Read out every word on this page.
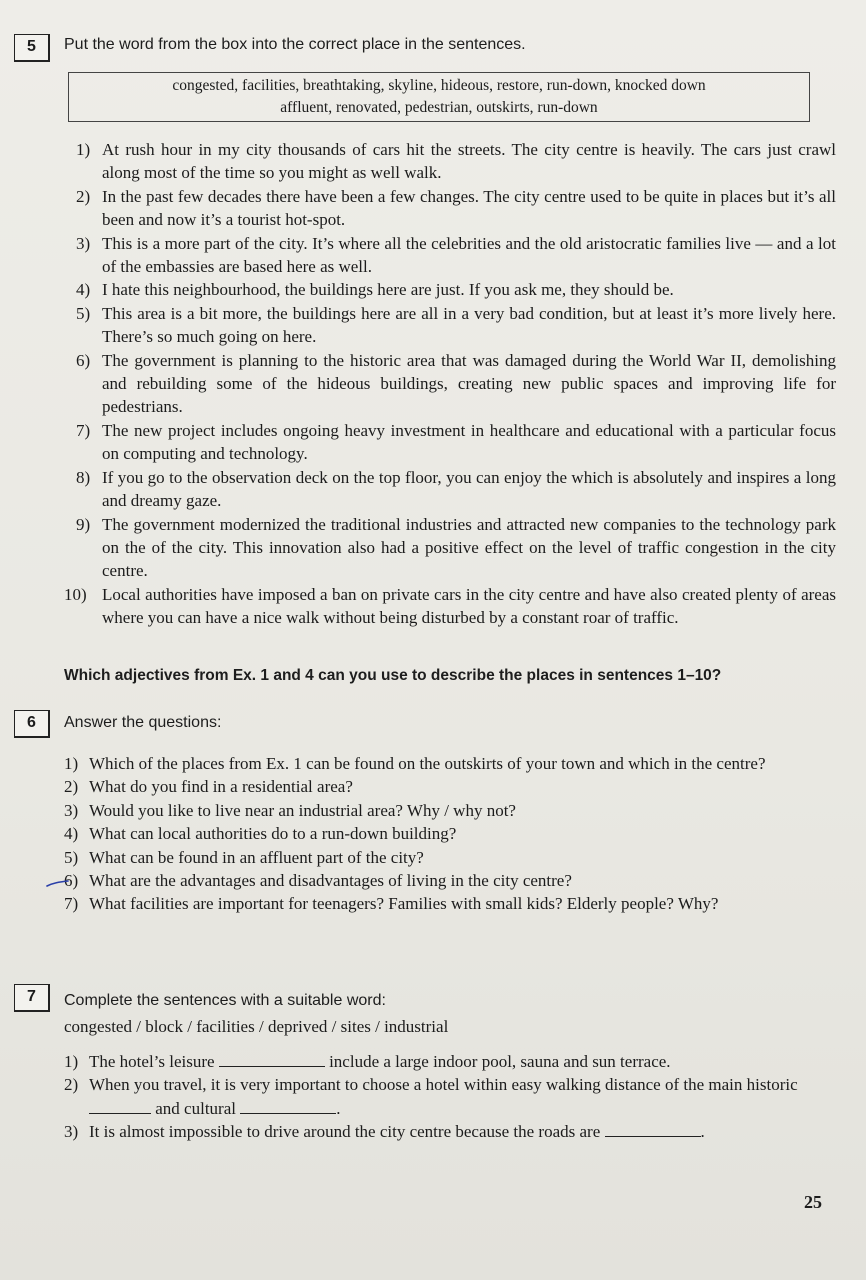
5	Put the word from the box into the correct place in the sentences.
congested, facilities, breathtaking, skyline, hideous, restore, run-down, knocked down
affluent, renovated, pedestrian, outskirts, run-down
1) At rush hour in my city thousands of cars hit the streets. The city centre is heavily. The cars just crawl along most of the time so you might as well walk.
2) In the past few decades there have been a few changes. The city centre used to be quite in places but it’s all been and now it’s a tourist hot-spot.
3) This is a more part of the city. It’s where all the celebrities and the old aristocratic families live — and a lot of the embassies are based here as well.
4) I hate this neighbourhood, the buildings here are just. If you ask me, they should be.
5) This area is a bit more, the buildings here are all in a very bad condition, but at least it’s more lively here. There’s so much going on here.
6) The government is planning to the historic area that was damaged during the World War II, demolishing and rebuilding some of the hideous buildings, creating new public spaces and improving life for pedestrians.
7) The new project includes ongoing heavy investment in healthcare and educational with a particular focus on computing and technology.
8) If you go to the observation deck on the top floor, you can enjoy the which is absolutely and inspires a long and dreamy gaze.
9) The government modernized the traditional industries and attracted new companies to the technology park on the of the city. This innovation also had a positive effect on the level of traffic congestion in the city centre.
10) Local authorities have imposed a ban on private cars in the city centre and have also created plenty of areas where you can have a nice walk without being disturbed by a constant roar of traffic.
Which adjectives from Ex. 1 and 4 can you use to describe the places in sentences 1–10?
6	Answer the questions:
1) Which of the places from Ex. 1 can be found on the outskirts of your town and which in the centre?
2) What do you find in a residential area?
3) Would you like to live near an industrial area? Why / why not?
4) What can local authorities do to a run-down building?
5) What can be found in an affluent part of the city?
6) What are the advantages and disadvantages of living in the city centre?
7) What facilities are important for teenagers? Families with small kids? Elderly people? Why?
7	Complete the sentences with a suitable word:
congested / block / facilities / deprived / sites / industrial
1) The hotel’s leisure	include a large indoor pool, sauna and sun terrace.
2) When you travel, it is very important to choose a hotel within easy walking distance of the main historic  and cultural	.
3) It is almost impossible to drive around the city centre because the roads are	.
25
